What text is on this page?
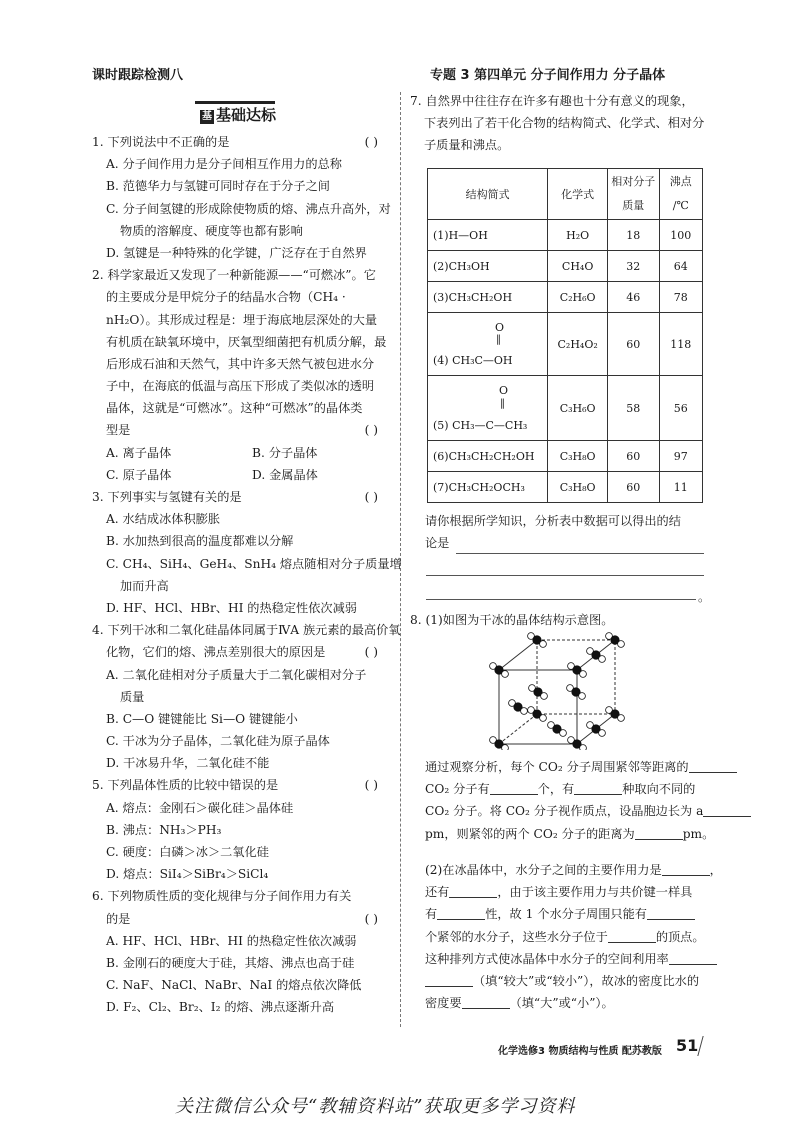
课时跟踪检测八	专题 3 第四单元 分子间作用力 分子晶体
基 基础达标
1. 下列说法中不正确的是	( )
A. 分子间作用力是分子间相互作用力的总称
B. 范德华力与氢键可同时存在于分子之间
C. 分子间氢键的形成除使物质的熔、沸点升高外，对
物质的溶解度、硬度等也都有影响
D. 氢键是一种特殊的化学键，广泛存在于自然界
2. 科学家最近又发现了一种新能源——“可燃冰”。它
的主要成分是甲烷分子的结晶水合物（CH₄ ·
nH₂O）。其形成过程是：埋于海底地层深处的大量
有机质在缺氧环境中，厌氧型细菌把有机质分解，最
后形成石油和天然气，其中许多天然气被包进水分
子中，在海底的低温与高压下形成了类似冰的透明
晶体，这就是“可燃冰”。这种“可燃冰”的晶体类
型是	( )
A. 离子晶体	B. 分子晶体
C. 原子晶体	D. 金属晶体
3. 下列事实与氢键有关的是	( )
A. 水结成冰体积膨胀
B. 水加热到很高的温度都难以分解
C. CH₄、SiH₄、GeH₄、SnH₄ 熔点随相对分子质量增
加而升高
D. HF、HCl、HBr、HI 的热稳定性依次减弱
4. 下列干冰和二氧化硅晶体同属于ⅣA 族元素的最高价氧
化物，它们的熔、沸点差别很大的原因是	( )
A. 二氧化硅相对分子质量大于二氧化碳相对分子
质量
B. C—O 键键能比 Si—O 键键能小
C. 干冰为分子晶体，二氧化硅为原子晶体
D. 干冰易升华，二氧化硅不能
5. 下列晶体性质的比较中错误的是	( )
A. 熔点：金刚石＞碳化硅＞晶体硅
B. 沸点：NH₃＞PH₃
C. 硬度：白磷＞冰＞二氧化硅
D. 熔点：SiI₄＞SiBr₄＞SiCl₄
6. 下列物质性质的变化规律与分子间作用力有关
的是	( )
A. HF、HCl、HBr、HI 的热稳定性依次减弱
B. 金刚石的硬度大于硅，其熔、沸点也高于硅
C. NaF、NaCl、NaBr、NaI 的熔点依次降低
D. F₂、Cl₂、Br₂、I₂ 的熔、沸点逐渐升高
7. 自然界中往往存在许多有趣也十分有意义的现象，
下表列出了若干化合物的结构简式、化学式、相对分
子质量和沸点。
结构简式	化学式	相对分子
质量	沸点
/℃
(1)H—OH	H₂O	18	100
(2)CH₃OH	CH₄O	32	64
(3)CH₃CH₂OH	C₂H₆O	46	78

O
‖
(4) CH₃C—OH	C₂H₄O₂	60	118

O
‖
(5) CH₃—C—CH₃	C₃H₆O	58	56
(6)CH₃CH₂CH₂OH	C₃H₈O	60	97
(7)CH₃CH₂OCH₃	C₃H₈O	60	11
请你根据所学知识，分析表中数据可以得出的结
论是
。
8. (1)如图为干冰的晶体结构示意图。
通过观察分析，每个 CO₂ 分子周围紧邻等距离的
CO₂ 分子有	个，有	种取向不同的
CO₂ 分子。将 CO₂ 分子视作质点，设晶胞边长为 a
pm，则紧邻的两个 CO₂ 分子的距离为	pm。
(2)在冰晶体中，水分子之间的主要作用力是	，
还有	，由于该主要作用力与共价键一样具
有	性，故 1 个水分子周围只能有
个紧邻的水分子，这些水分子位于	的顶点。
这种排列方式使冰晶体中水分子的空间利用率
（填“较大”或“较小”），故冰的密度比水的
密度要	（填“大”或“小”）。
化学选修3 物质结构与性质 配苏教版 51
关注微信公众号“教辅资料站”获取更多学习资料
